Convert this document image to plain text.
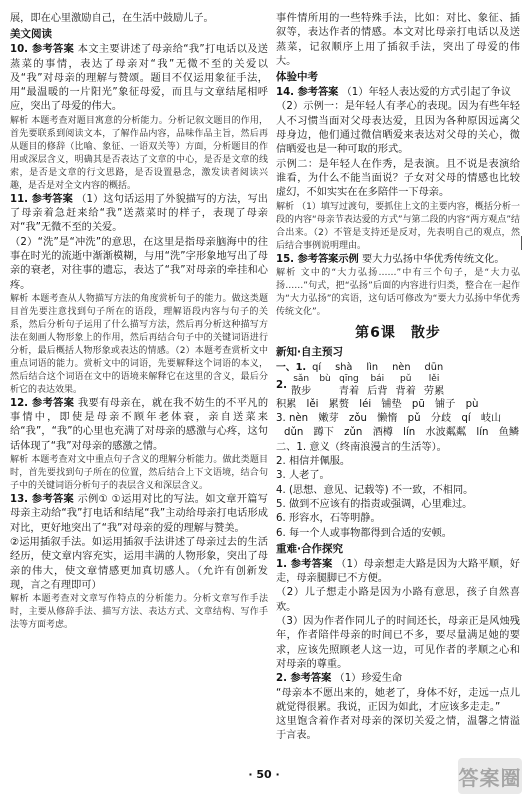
展，即在心里激励自己，在生活中鼓励儿子。

美文阅读

10. 参考答案 本文主要讲述了母亲给“我”打电话以及送蒸菜的事情，表达了母亲对“我”无微不至的关爱以及“我”对母亲的理解与赞颂。题目不仅运用象征手法，用“最温暖的一片阳光”象征母爱，而且与文章结尾相呼应，突出了母爱的伟大。

解析 本题考查对题目寓意的分析能力。分析记叙文题目的作用，首先要联系到阅读文本，了解作品内容，品味作品主旨，然后再从题目的修辞（比喻、象征、一语双关等）方面，分析题目的作用或深层含义，明确其是否表达了文章的中心，是否是文章的线索，是否是文章的行文思路，是否设置悬念，激发读者阅读兴趣，是否是对全文内容的概括。

11. 参考答案 （1）这句话运用了外貌描写的方法，写出了母亲着急赶来给“我”送蒸菜时的样子，表现了母亲对“我”无微不至的关爱。

（2）“洗”是“冲洗”的意思，在这里是指母亲脑海中的往事在时光的流逝中渐渐模糊，与用“洗”字形象地写出了母亲的衰老，对往事的遗忘，表达了“我”对母亲的牵挂和心疼。

解析 本题考查从人物描写方法的角度赏析句子的能力。做这类题目首先要注意找到句子所在的语段，理解语段内容与句子的关系，然后分析句子运用了什么描写方法，然后再分析这种描写方法在刻画人物形象上的作用，然后再结合句子中的关键词语进行分析，最后概括人物形象或表达的情感。（2）本题考查赏析文中重点词语的能力。赏析文中的词语，先要解释这个词语的本义，然后结合这个词语在文中的语境来解释它在这里的含义，最后分析它的表达效果。

12. 参考答案 我要有母亲在，就在我不妨生的不平凡的事情中，即使是母亲不顾年老体衰，亲自送菜来给“我”，“我”的心里也充满了对母亲的感激与心疼，这句话体现了“我”对母亲的感激之情。

解析 本题考查对文中重点句子含义的理解分析能力。做此类题目时，首先要找到句子所在的位置，然后结合上下文语境，结合句子中的关键词语分析句子的表层含义和深层含义。

13. 参考答案 示例① ①运用对比的写法。如文章开篇写母亲主动给“我”打电话和结尾“我”主动给母亲打电话形成对比，更好地突出了“我”对母亲的爱的理解与赞美。

②运用插叙手法。如运用插叙手法讲述了母亲过去的生活经历，使文章内容充实，运用丰满的人物形象，突出了母亲的伟大，使文章情感更加真切感人。（允许有创新发现，言之有理即可）

解析 本题考查对文章写作特点的分析能力。分析文章写作手法时，主要从修辞手法、描写方法、表达方式、文章结构、写作手法等方面考虑。

事件情所用的一些特殊手法，比如：对比、象征、插叙等，表达作者的情感。本文对比母亲打电话以及送蒸菜，记叙顺序上用了插叙手法，突出了母爱的伟大。

体验中考

14. 参考答案 （1）年轻人表达爱的方式引起了争议

（2）示例一：是年轻人有孝心的表现。因为有些年轻人不习惯当面对父母表达爱，且因为各种原因远离父母身边，他们通过微信晒爱来表达对父母的关心，微信晒爱也是一种可取的形式。

示例二：是年轻人在作秀，是表演。且不说是表演给谁看，为什么不能当面说？子女对父母的情感也比较虚幻，不如实实在在多陪伴一下母亲。

解析 （1）填写过渡句，要抓住上文的主要内容，概括分析一段的内容“母亲节表达爱的方式”与第二段的内容“两方观点”结合出来。（2）不管是支持还是反对，先表明自己的观点，然后结合事例说明理由。

15. 参考答案示例 要大力弘扬中华优秀传统文化。

解析 文中的“大力弘扬……”中有三个句子，是“大力弘扬……”句式，把“弘扬”后面的内容进行归类，整合在一起作为“大力弘扬”的宾语，这句话可修改为“要大力弘扬中华优秀传统文化”。

第6课　散步
新知·自主预习
一、1. qí shà lìn nèn dūn
2.
sǎn
散步
bù qīng
青着
bái
后背
pǔ
背着
lěi
劳累

积累　lěi　累赘　léi　铺垫　pū　铺子　pù

3. nèn　嫩芽　zǒu　懒惰　pǔ　分歧　qí　岐山

dǔn　蹲下　zǔn　酒樽　lín　水波粼粼　lín　鱼鳞

二、1. 意义（终南浪漫言的生活等）。

2. 相信并佩服。

3. 人老了。

4. (思想、意见、记载等) 不一致，不相同。

5. 做到不应该有的指责或强调，心里难过。

6. 形容水，石等明静。

6. 每一个人或事物都得到合适的安顿。

重难·合作探究

1. 参考答案 （1）母亲想走大路是因为大路平顺，好走，母亲腿脚已不方便。

（2）儿子想走小路是因为小路有意思，孩子自然喜欢。

（3）因为作者作同儿子的时间还长，母亲正是风烛残年，作者陪伴母亲的时间已不多，要尽量满足她的要求，应该先照顾老人这一边，可见作者的孝顺之心和对母亲的尊重。

2. 参考答案 （1）珍爱生命

“母亲本不愿出来的，她老了，身体不好，走远一点儿就觉得很累。我说，正因为如此，才应该多走走。”

这里饱含着作者对母亲的深切关爱之情，温馨之情溢于言表。

· 50 ·	答案圈
